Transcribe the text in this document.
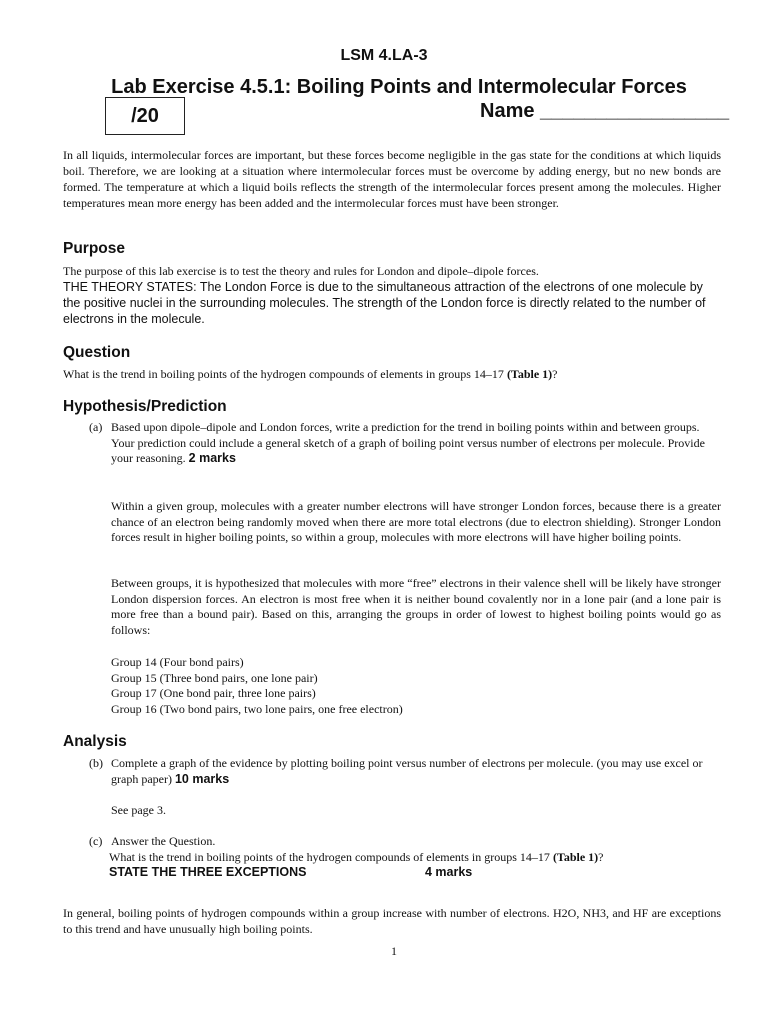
LSM 4.LA-3
Lab Exercise 4.5.1: Boiling Points and Intermolecular Forces
/20	Name _________________

In all liquids, intermolecular forces are important, but these forces become negligible in the gas state for the conditions at which liquids boil. Therefore, we are looking at a situation where intermolecular forces must be overcome by adding energy, but no new bonds are formed. The temperature at which a liquid boils reflects the strength of the intermolecular forces present among the molecules. Higher temperatures mean more energy has been added and the intermolecular forces must have been stronger.

Purpose

The purpose of this lab exercise is to test the theory and rules for London and dipole–dipole forces.

THE THEORY STATES: The London Force is due to the simultaneous attraction of the electrons of one molecule by the positive nuclei in the surrounding molecules. The strength of the London force is directly related to the number of electrons in the molecule.

Question

What is the trend in boiling points of the hydrogen compounds of elements in groups 14–17 (Table 1)?

Hypothesis/Prediction
(a) Based upon dipole–dipole and London forces, write a prediction for the trend in boiling points within and between groups. Your prediction could include a general sketch of a graph of boiling point versus number of electrons per molecule. Provide your reasoning. 2 marks

Within a given group, molecules with a greater number electrons will have stronger London forces, because there is a greater chance of an electron being randomly moved when there are more total electrons (due to electron shielding). Stronger London forces result in higher boiling points, so within a group, molecules with more electrons will have higher boiling points.

Between groups, it is hypothesized that molecules with more “free” electrons in their valence shell will be likely have stronger London dispersion forces. An electron is most free when it is neither bound covalently nor in a lone pair (and a lone pair is more free than a bound pair). Based on this, arranging the groups in order of lowest to highest boiling points would go as follows:

Group 14 (Four bond pairs)
Group 15 (Three bond pairs, one lone pair)
Group 17 (One bond pair, three lone pairs)
Group 16 (Two bond pairs, two lone pairs, one free electron)
Analysis
(b) Complete a graph of the evidence by plotting boiling point versus number of electrons per molecule. (you may use excel or graph paper) 10 marks

See page 3.

(c) Answer the Question.

What is the trend in boiling points of the hydrogen compounds of elements in groups 14–17 (Table 1)?

STATE THE THREE EXCEPTIONS	4 marks

In general, boiling points of hydrogen compounds within a group increase with number of electrons. H2O, NH3, and HF are exceptions to this trend and have unusually high boiling points.

1
